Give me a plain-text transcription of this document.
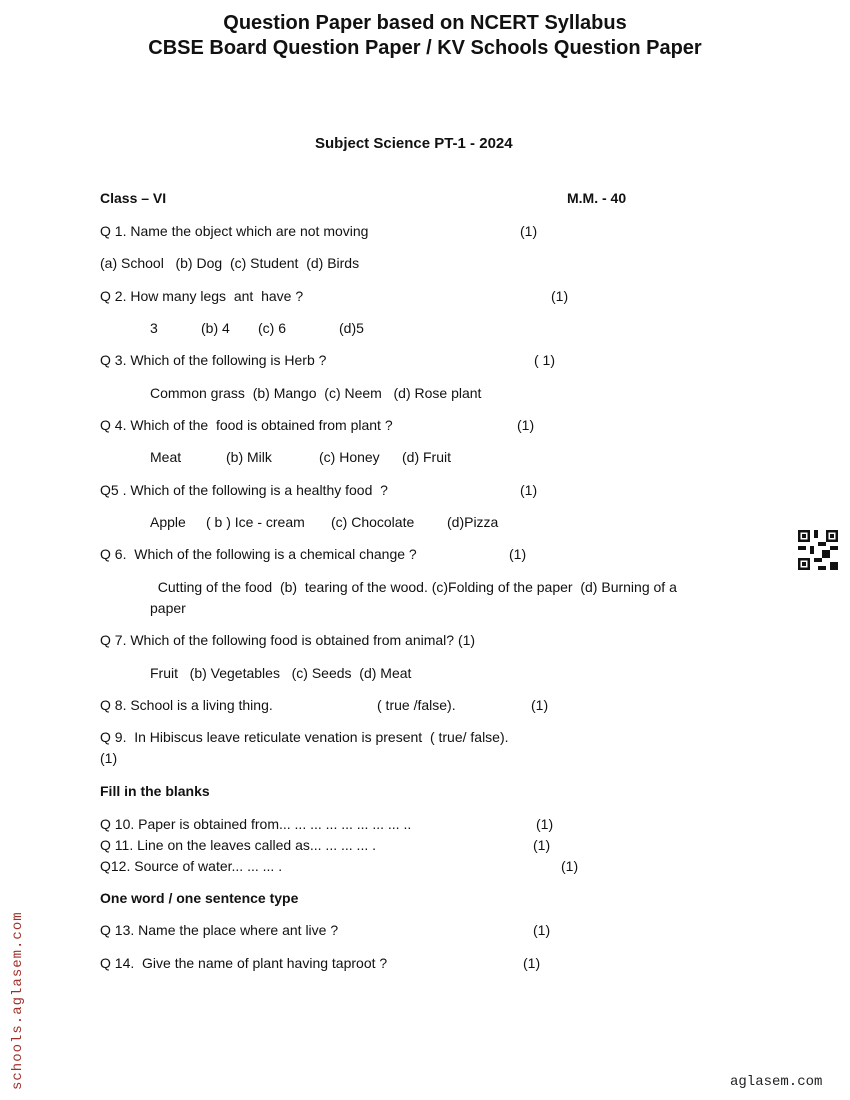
Question Paper based on NCERT Syllabus
CBSE Board Question Paper / KV Schools Question Paper
Subject Science PT-1 - 2024
Class – VI	M.M. - 40
Q 1. Name the object which are not moving	(1)
(a) School   (b) Dog  (c) Student  (d) Birds
Q 2. How many legs  ant  have ?	(1)
3	(b) 4 (c) 6	(d)5
Q 3. Which of the following is Herb ?	( 1)
Common grass  (b) Mango  (c) Neem   (d) Rose plant
Q 4. Which of the  food is obtained from plant ?	(1)
Meat	(b) Milk	(c) Honey (d) Fruit
Q5 . Which of the following is a healthy food  ?	(1)
Apple ( b ) Ice - cream (c) Chocolate (d)Pizza
Q 6.  Which of the following is a chemical change ?	(1)
Cutting of the food  (b)  tearing of the wood. (c)Folding of the paper  (d) Burning of a
paper
Q 7. Which of the following food is obtained from animal? (1)
Fruit   (b) Vegetables   (c) Seeds  (d) Meat
Q 8. School is a living thing.	( true /false).	(1)
Q 9.  In Hibiscus leave reticulate venation is present  ( true/ false).
(1)
Fill in the blanks
Q 10. Paper is obtained from... ... ... ... ... ... ... ... ..	(1)
Q 11. Line on the leaves called as... ... ... ... .	(1)
Q12. Source of water... ... ... .	(1)
One word / one sentence type
Q 13. Name the place where ant live ?	(1)
Q 14.  Give the name of plant having taproot ?	(1)
schools.aglasem.com	aglasem.com
